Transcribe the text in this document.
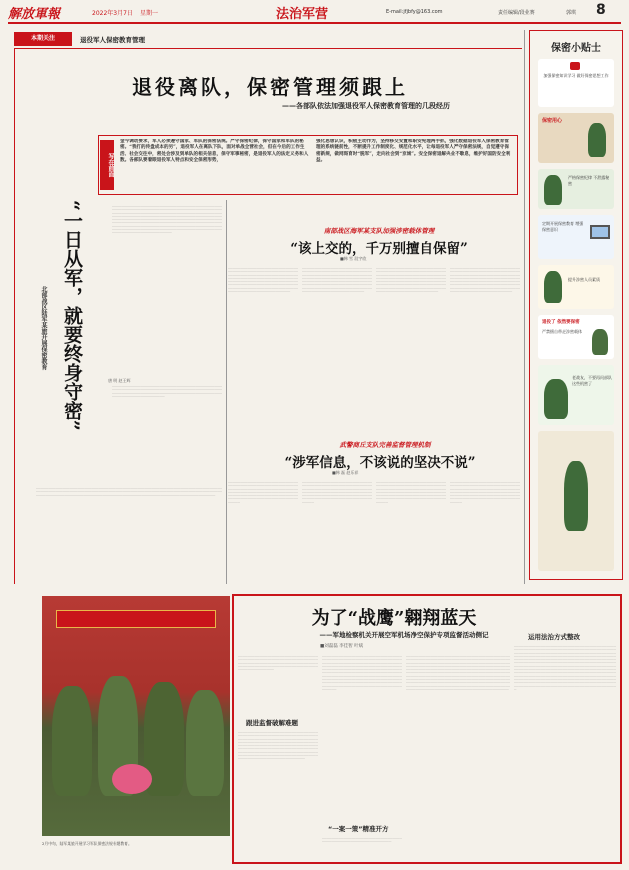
解放軍報	2022年3月7日 星期一	法治军营	E-mail:jfjbfy@163.com	责任编辑/段业赛	郭琪 8
本期关注	退役军人保密教育管理
退役离队，保密管理须跟上
——各部队依法加强退役军人保密教育管理的几段经历
写在前面
金今调动要求，军人必须遵守国家、军队的保密法规。严守保密纪律，保守国家和军队的秘密。“我打的传盘成本的另”，退役军人在离队下队，面对单战全营社会，但在今后的工作生活、社会交往中，密处会涉及到单队的相关信息，保守军事秘密，是退役军人的法定义务和人数。各部队要着眼退役军人特点和安全保密形势，
强化思想认识，积极主动作为，坚持移交安置和职安宪理两手抓，强化数据退役军人保密教育管理的系统链前性，不断提升工作制度化、规范化水平，让每退役军人严守保密法规，自觉遵守保密新规，做网斑育时“脱军”，走向社会到“京城”。安全保密退解央业不歇息，维护好国防安全利益。
“一日从军，就要终身守密”
北部战区陆军某旅开展保密教育
唐 明 赵王辉
＿＿＿＿＿＿＿＿＿＿＿＿＿＿＿＿＿＿＿＿＿＿＿＿＿＿＿＿＿＿＿＿＿＿＿＿＿＿＿＿＿＿＿＿＿＿＿＿＿＿＿＿＿＿＿＿＿＿＿＿＿＿＿＿＿＿＿＿＿＿＿＿＿＿＿＿＿＿＿＿＿＿＿＿＿＿＿＿＿＿＿＿＿＿＿＿＿＿＿＿＿＿＿＿＿＿＿＿＿＿＿＿＿＿＿＿＿＿＿＿＿＿＿＿＿＿＿＿＿＿＿＿＿＿＿＿＿＿＿＿＿＿＿＿＿＿＿＿＿＿＿＿＿＿＿＿＿＿＿＿＿＿＿＿＿＿＿＿＿＿＿＿＿＿＿＿＿＿＿＿＿＿＿＿＿＿＿＿＿＿＿＿＿＿＿＿＿＿＿＿＿＿＿＿＿＿＿＿＿＿＿＿＿＿＿＿＿＿＿＿＿＿＿＿＿＿＿＿＿＿＿＿＿＿＿＿＿＿＿＿＿＿＿＿＿＿＿＿＿＿＿＿＿＿＿＿＿＿＿＿＿＿＿＿＿＿＿＿＿＿＿＿＿＿＿＿＿＿＿＿＿＿＿＿＿＿＿＿＿＿＿＿＿＿＿＿＿＿＿＿＿＿＿＿＿＿＿＿＿＿＿＿＿＿＿＿＿＿＿＿＿＿＿＿＿＿＿＿＿＿＿＿＿＿＿＿＿＿＿＿＿＿＿＿＿＿＿＿＿＿＿＿＿＿＿＿＿＿＿＿＿＿＿＿＿＿＿＿＿＿＿＿＿＿＿＿＿＿＿＿＿＿＿＿＿＿＿＿＿＿＿＿＿
＿＿＿＿＿＿＿＿＿＿＿＿＿＿＿＿＿＿＿＿＿＿＿＿＿＿＿＿＿＿＿＿＿＿＿＿＿＿＿＿＿＿＿＿＿＿＿＿＿＿＿＿＿＿＿＿＿＿＿＿＿＿＿＿＿＿＿＿＿＿＿＿＿＿＿＿＿＿＿＿＿＿＿＿＿＿＿＿＿＿＿＿＿＿＿＿＿＿＿＿＿＿＿＿＿＿＿＿＿＿＿＿＿＿＿＿＿＿＿＿＿＿＿＿＿＿＿＿＿＿＿＿＿＿＿＿＿＿＿＿＿＿＿＿＿＿＿＿＿＿＿＿＿＿＿＿＿＿＿＿
＿＿＿＿＿＿＿＿＿＿＿＿＿＿＿＿＿＿＿＿＿＿＿＿＿＿＿＿＿＿＿＿＿＿＿＿＿＿＿＿＿＿＿＿＿＿＿＿＿＿＿＿＿＿＿＿＿＿＿＿＿＿＿＿＿＿＿＿＿＿＿＿＿＿＿＿＿＿＿＿＿＿＿＿＿＿＿＿＿＿＿＿＿＿＿＿＿＿＿＿＿＿＿＿＿＿＿＿＿＿＿＿＿＿＿＿＿＿＿＿＿＿＿＿＿＿＿＿＿＿＿＿＿＿＿＿＿＿＿＿＿＿＿＿＿＿＿＿＿＿＿＿＿＿＿＿＿＿＿＿＿＿＿＿＿＿＿＿＿＿＿＿＿＿＿＿＿＿＿＿＿＿＿＿＿＿＿＿＿＿＿＿＿＿＿＿＿＿＿＿＿＿＿＿＿＿＿＿＿＿＿＿＿＿＿＿＿＿＿＿＿＿＿＿＿＿＿＿＿
南部战区海军某支队加强涉密载体管理
“该上交的，千万别擅自保留”
■韩 雪 段宇欣
＿＿＿＿＿＿＿＿＿＿＿＿＿＿＿＿＿＿＿＿＿＿＿＿＿＿＿＿＿＿＿＿＿＿＿＿＿＿＿＿＿＿＿＿＿＿＿＿＿＿＿＿＿＿＿＿＿＿＿＿＿＿＿＿＿＿＿＿＿＿＿＿＿＿＿＿＿＿＿＿＿＿＿＿＿＿＿＿＿＿＿＿＿＿＿＿＿＿＿＿＿＿＿＿＿＿＿＿＿＿＿＿＿＿＿＿＿＿＿＿＿＿＿＿＿＿＿＿＿＿＿＿＿＿＿＿＿＿＿＿＿＿＿＿＿＿＿＿＿＿＿＿＿＿＿＿＿＿＿＿＿＿＿＿＿＿＿＿＿＿＿＿＿＿＿＿＿＿＿＿＿＿＿＿＿＿＿＿＿＿＿＿＿＿＿＿＿＿＿＿＿＿＿＿＿＿＿＿＿＿＿＿＿＿＿＿＿＿＿＿＿＿＿＿＿＿＿＿＿
＿＿＿＿＿＿＿＿＿＿＿＿＿＿＿＿＿＿＿＿＿＿＿＿＿＿＿＿＿＿＿＿＿＿＿＿＿＿＿＿＿＿＿＿＿＿＿＿＿＿＿＿＿＿＿＿＿＿＿＿＿＿＿＿＿＿＿＿＿＿＿＿＿＿＿＿＿＿＿＿＿＿＿＿＿＿＿＿＿＿＿＿＿＿＿＿＿＿＿＿＿＿＿＿＿＿＿＿＿＿＿＿＿＿＿＿＿＿＿＿＿＿＿＿＿＿＿＿＿＿＿＿＿＿＿＿＿＿＿＿＿＿＿＿＿＿＿＿＿＿＿＿＿＿＿＿＿＿＿＿＿＿＿＿＿＿＿＿＿＿＿＿＿＿＿＿＿＿＿＿＿＿＿＿＿＿＿＿＿＿＿＿＿＿＿＿＿＿＿＿＿＿＿＿＿＿＿＿＿＿＿＿＿＿＿＿＿＿＿＿＿＿＿＿＿＿＿＿＿
＿＿＿＿＿＿＿＿＿＿＿＿＿＿＿＿＿＿＿＿＿＿＿＿＿＿＿＿＿＿＿＿＿＿＿＿＿＿＿＿＿＿＿＿＿＿＿＿＿＿＿＿＿＿＿＿＿＿＿＿＿＿＿＿＿＿＿＿＿＿＿＿＿＿＿＿＿＿＿＿＿＿＿＿＿＿＿＿＿＿＿＿＿＿＿＿＿＿＿＿＿＿＿＿＿＿＿＿＿＿＿＿＿＿＿＿＿＿＿＿＿＿＿＿＿＿＿＿＿＿＿＿＿＿＿＿＿＿＿＿＿＿＿＿＿＿＿＿＿＿＿＿＿＿＿＿＿＿＿＿＿＿＿＿＿＿＿＿＿＿＿＿＿＿＿＿＿＿＿＿＿＿＿＿＿＿＿＿＿＿＿＿＿＿＿＿＿＿＿＿＿＿＿＿＿＿＿＿＿＿＿＿＿＿＿＿＿＿＿＿＿＿＿＿＿＿＿＿＿
＿＿＿＿＿＿＿＿＿＿＿＿＿＿＿＿＿＿＿＿＿＿＿＿＿＿＿＿＿＿＿＿＿＿＿＿＿＿＿＿＿＿＿＿＿＿＿＿＿＿＿＿＿＿＿＿＿＿＿＿＿＿＿＿＿＿＿＿＿＿＿＿＿＿＿＿＿＿＿＿＿＿＿＿＿＿＿＿＿＿＿＿＿＿＿＿＿＿＿＿＿＿＿＿＿＿＿＿＿＿＿＿＿＿＿＿＿＿＿＿＿＿＿＿＿＿＿＿＿＿＿＿＿＿＿＿＿＿＿＿＿＿＿＿＿＿＿＿＿＿＿＿＿＿＿＿＿＿＿＿＿＿＿＿＿＿＿＿＿＿＿＿＿＿＿＿＿＿＿＿＿＿＿＿＿＿＿＿＿＿＿＿＿＿＿＿＿＿＿＿＿＿＿＿＿＿＿＿＿＿＿＿＿＿＿＿＿＿＿＿＿＿＿＿＿＿＿＿＿
武警商丘支队完善监督管理机制
“涉军信息，不该说的坚决不说”
■韩 磊 赵乐祥
＿＿＿＿＿＿＿＿＿＿＿＿＿＿＿＿＿＿＿＿＿＿＿＿＿＿＿＿＿＿＿＿＿＿＿＿＿＿＿＿＿＿＿＿＿＿＿＿＿＿＿＿＿＿＿＿＿＿＿＿＿＿＿＿＿＿＿＿＿＿＿＿＿＿＿＿＿＿＿＿＿＿＿＿＿＿＿＿＿＿＿＿＿＿＿＿＿＿＿＿＿＿＿＿＿＿＿＿＿＿＿＿＿＿＿＿＿＿＿＿＿＿＿＿＿＿＿＿＿＿＿＿＿＿＿＿＿＿＿＿＿＿＿＿＿＿＿＿＿＿＿＿＿＿＿＿＿＿＿＿＿＿＿＿＿＿＿＿＿＿＿＿＿＿＿＿＿＿＿
＿＿＿＿＿＿＿＿＿＿＿＿＿＿＿＿＿＿＿＿＿＿＿＿＿＿＿＿＿＿＿＿＿＿＿＿＿＿＿＿＿＿＿＿＿＿＿＿＿＿＿＿＿＿＿＿＿＿＿＿＿＿＿＿＿＿＿＿＿＿＿＿＿＿＿＿＿＿＿＿＿＿＿＿＿＿＿＿＿＿＿＿＿＿＿＿＿＿＿＿＿＿＿＿＿＿＿＿＿＿＿＿＿＿＿＿＿＿＿＿＿＿＿＿＿＿＿＿＿＿＿＿＿＿＿＿＿＿＿＿＿＿＿＿＿＿＿＿＿＿＿＿＿＿＿＿＿＿＿＿＿＿＿＿＿＿＿＿＿＿＿＿＿＿＿＿＿＿＿
＿＿＿＿＿＿＿＿＿＿＿＿＿＿＿＿＿＿＿＿＿＿＿＿＿＿＿＿＿＿＿＿＿＿＿＿＿＿＿＿＿＿＿＿＿＿＿＿＿＿＿＿＿＿＿＿＿＿＿＿＿＿＿＿＿＿＿＿＿＿＿＿＿＿＿＿＿＿＿＿＿＿＿＿＿＿＿＿＿＿＿＿＿＿＿＿＿＿＿＿＿＿＿＿＿＿＿＿＿＿＿＿＿＿＿＿＿＿＿＿＿＿＿＿＿＿＿＿＿＿＿＿＿＿＿＿＿＿＿＿＿＿＿＿＿＿＿＿＿＿＿＿＿＿＿＿＿＿＿＿＿＿＿＿＿＿＿＿＿＿＿＿＿＿＿＿＿＿＿
＿＿＿＿＿＿＿＿＿＿＿＿＿＿＿＿＿＿＿＿＿＿＿＿＿＿＿＿＿＿＿＿＿＿＿＿＿＿＿＿＿＿＿＿＿＿＿＿＿＿＿＿＿＿＿＿＿＿＿＿＿＿＿＿＿＿＿＿＿＿＿＿＿＿＿＿＿＿＿＿＿＿＿＿＿＿＿＿＿＿＿＿＿＿＿＿＿＿＿＿＿＿＿＿＿＿＿＿＿＿＿＿＿＿＿＿＿＿＿＿＿＿＿＿＿＿＿＿＿＿＿＿＿＿＿＿＿＿＿＿＿＿＿＿＿＿＿＿＿＿＿＿＿＿＿＿＿＿＿＿＿＿＿＿＿＿＿＿＿＿＿＿＿＿＿＿＿＿＿
保密小贴士
加强保密知识学习 做好保密思想工作
保密用心
严格保密纪律 不泄露秘密
定期开展保密教育 增强保密意识
提升涉密人员素质
退役了 依然要保密
严禁擅自带走涉密载体
老战友，不要再问部队这些机密了
2月中旬，陆军某旅开展学习军队保密法规专题教育。
为了“战鹰”翱翔蓝天
——军地检察机关开展空军机场净空保护专项监督活动侧记
■刘磊磊 李佳智 叶斌
＿＿＿＿＿＿＿＿＿＿＿＿＿＿＿＿＿＿＿＿＿＿＿＿＿＿＿＿＿＿＿＿＿＿＿＿＿＿＿＿＿＿＿＿＿＿＿＿＿＿＿＿＿＿＿＿＿＿＿＿＿＿＿＿＿＿＿＿＿＿＿＿＿＿＿＿＿＿＿＿＿＿＿＿＿＿＿＿＿＿＿＿＿＿＿＿＿＿＿＿＿＿＿＿＿＿＿＿＿＿＿＿＿＿＿＿＿＿＿＿＿＿＿＿＿＿＿＿＿＿＿＿＿＿＿＿＿＿＿＿＿＿＿＿＿＿＿
跟进监督破解难题
＿＿＿＿＿＿＿＿＿＿＿＿＿＿＿＿＿＿＿＿＿＿＿＿＿＿＿＿＿＿＿＿＿＿＿＿＿＿＿＿＿＿＿＿＿＿＿＿＿＿＿＿＿＿＿＿＿＿＿＿＿＿＿＿＿＿＿＿＿＿＿＿＿＿＿＿＿＿＿＿＿＿＿＿＿＿＿＿＿＿＿＿＿＿＿＿＿＿＿＿＿＿＿＿＿＿＿＿＿＿＿＿＿＿＿＿＿＿＿＿＿＿＿＿＿＿＿＿＿＿＿＿＿＿＿＿＿＿＿＿＿＿＿＿＿＿＿＿＿＿＿＿＿＿＿＿＿＿＿＿＿＿＿＿＿＿＿＿＿＿＿＿＿＿＿＿＿＿＿＿＿＿＿＿＿＿＿＿＿＿＿＿＿＿＿＿＿＿＿＿＿＿＿＿＿＿＿＿＿＿＿＿＿＿＿＿＿＿＿＿＿＿＿＿＿＿＿＿＿＿＿＿＿＿＿＿＿＿＿＿＿＿＿＿＿＿＿＿＿＿＿＿＿＿＿＿＿＿＿＿＿＿＿＿＿＿＿＿＿＿＿＿＿＿＿＿＿＿＿＿＿＿＿＿＿＿＿＿＿＿＿＿
＿＿＿＿＿＿＿＿＿＿＿＿＿＿＿＿＿＿＿＿＿＿＿＿＿＿＿＿＿＿＿＿＿＿＿＿＿＿＿＿＿＿＿＿＿＿＿＿＿＿＿＿＿＿＿＿＿＿＿＿＿＿＿＿＿＿＿＿＿＿＿＿＿＿＿＿＿＿＿＿＿＿＿＿＿＿＿＿＿＿＿＿＿＿＿＿＿＿＿＿＿＿＿＿＿＿＿＿＿＿＿＿＿＿＿＿＿＿＿＿＿＿＿＿＿＿＿＿＿＿＿＿＿＿＿＿＿＿＿＿＿＿＿＿＿＿＿＿＿＿＿＿＿＿＿＿＿＿＿＿＿＿＿＿＿＿＿＿＿＿＿＿＿＿＿＿＿＿＿＿＿＿＿＿＿＿＿＿＿＿＿＿＿＿＿＿＿＿＿＿＿＿＿＿＿＿＿＿＿＿＿＿＿＿＿＿＿＿＿＿＿＿＿＿＿＿＿＿＿＿＿＿＿＿＿＿＿＿＿＿＿＿＿＿＿＿＿＿＿＿＿＿＿＿＿＿＿＿＿＿＿＿＿＿＿＿＿＿＿＿＿＿＿＿＿＿＿＿＿＿＿＿＿＿＿＿＿＿＿＿＿＿＿＿＿＿＿＿＿＿＿＿＿＿＿＿＿＿＿＿＿＿＿＿＿＿＿＿＿＿＿＿＿＿＿＿＿＿＿＿＿＿＿＿＿＿
“一案一策”精准开方
＿＿＿＿＿＿＿＿＿＿＿＿＿＿＿＿＿＿＿＿＿＿＿＿＿＿＿＿＿＿＿＿＿＿＿＿＿＿＿＿＿＿＿＿＿＿＿＿＿＿＿＿＿＿＿＿＿＿＿＿＿＿
＿＿＿＿＿＿＿＿＿＿＿＿＿＿＿＿＿＿＿＿＿＿＿＿＿＿＿＿＿＿＿＿＿＿＿＿＿＿＿＿＿＿＿＿＿＿＿＿＿＿＿＿＿＿＿＿＿＿＿＿＿＿＿＿＿＿＿＿＿＿＿＿＿＿＿＿＿＿＿＿＿＿＿＿＿＿＿＿＿＿＿＿＿＿＿＿＿＿＿＿＿＿＿＿＿＿＿＿＿＿＿＿＿＿＿＿＿＿＿＿＿＿＿＿＿＿＿＿＿＿＿＿＿＿＿＿＿＿＿＿＿＿＿＿＿＿＿＿＿＿＿＿＿＿＿＿＿＿＿＿＿＿＿＿＿＿＿＿＿＿＿＿＿＿＿＿＿＿＿＿＿＿＿＿＿＿＿＿＿＿＿＿＿＿＿＿＿＿＿＿＿＿＿＿＿＿＿＿＿＿＿＿＿＿＿＿＿＿＿＿＿＿＿＿＿＿＿＿＿＿＿＿＿＿＿＿＿＿＿＿＿＿＿＿＿＿＿＿＿＿＿＿＿＿＿＿＿＿＿＿＿＿＿＿＿＿＿＿＿＿＿＿＿＿＿＿＿＿＿＿＿＿＿＿＿＿＿＿＿＿＿＿＿＿＿＿＿＿＿＿＿＿＿＿＿＿＿＿＿＿＿＿＿＿＿＿＿＿＿＿＿＿＿＿＿＿＿＿＿＿＿＿＿＿＿＿＿＿＿＿＿＿＿＿＿＿＿＿＿＿＿＿＿＿＿＿＿＿＿＿＿＿＿＿＿＿＿＿＿＿＿＿＿＿＿＿＿＿＿＿＿＿＿＿＿＿＿＿＿＿＿＿＿＿＿＿＿＿＿＿＿＿＿＿＿＿＿＿＿＿＿＿＿＿＿＿＿＿＿＿＿＿＿＿＿＿＿＿＿＿＿＿＿＿＿＿＿＿＿＿＿＿＿＿＿＿＿＿＿＿＿＿＿＿＿＿＿＿＿＿＿＿＿＿＿＿＿＿＿＿＿＿＿
运用法治方式整改
＿＿＿＿＿＿＿＿＿＿＿＿＿＿＿＿＿＿＿＿＿＿＿＿＿＿＿＿＿＿＿＿＿＿＿＿＿＿＿＿＿＿＿＿＿＿＿＿＿＿＿＿＿＿＿＿＿＿＿＿＿＿＿＿＿＿＿＿＿＿＿＿＿＿＿＿＿＿＿＿＿＿＿＿＿＿＿＿＿＿＿＿＿＿＿＿＿＿＿＿＿＿＿＿＿＿＿＿＿＿＿＿＿＿＿＿＿＿＿＿＿＿＿＿＿＿＿＿＿＿＿＿＿＿＿＿＿＿＿＿＿＿＿＿＿＿＿＿＿＿＿＿＿＿＿＿＿＿＿＿＿＿＿＿＿＿＿＿＿＿＿＿＿＿＿＿＿＿＿＿＿＿＿＿＿＿＿＿＿＿＿＿＿＿＿＿＿＿＿＿＿＿＿＿＿＿＿＿＿＿＿＿＿＿＿＿＿＿＿＿＿＿＿＿＿＿＿＿＿＿＿＿＿＿＿＿＿＿＿＿＿＿＿＿＿＿＿＿＿＿＿＿＿＿＿＿＿＿＿＿＿＿＿＿＿＿＿＿＿＿＿＿＿＿＿＿＿＿＿＿＿＿＿＿＿＿＿＿＿＿＿＿＿＿＿＿＿＿＿＿＿＿＿＿＿＿＿＿＿＿＿＿＿＿＿＿＿＿＿＿＿＿＿＿＿＿＿＿＿＿＿＿＿＿＿＿＿＿＿＿＿＿＿＿＿＿＿＿＿＿＿＿＿＿＿＿＿＿＿＿＿＿＿＿＿＿＿＿＿＿＿＿＿＿＿＿＿＿＿＿＿＿＿＿＿＿＿＿＿＿＿＿＿＿＿＿＿＿＿＿＿＿＿＿＿＿＿＿＿＿＿＿＿＿＿＿＿＿＿＿＿＿＿＿＿＿＿＿＿＿＿＿＿＿＿＿＿＿＿＿＿＿＿＿＿＿＿＿＿＿＿＿＿＿＿＿＿＿＿＿＿＿＿＿＿＿＿＿＿＿＿＿＿＿＿＿＿＿＿＿＿＿＿＿＿＿＿＿＿＿＿＿＿＿＿＿＿＿＿＿＿＿＿＿＿＿＿＿＿＿＿＿＿＿＿＿＿＿＿＿＿＿＿＿＿＿＿＿＿＿＿＿＿＿＿＿＿＿＿＿＿＿＿＿＿＿＿
